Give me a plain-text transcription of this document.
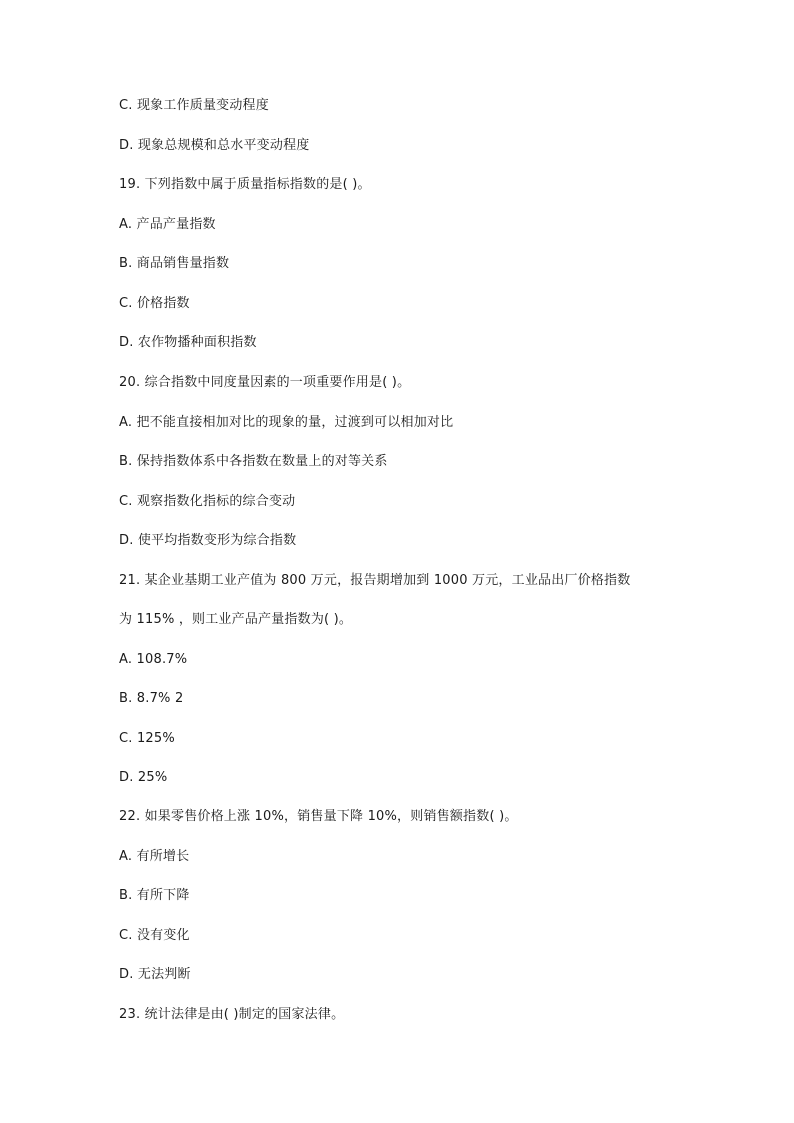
C. 现象工作质量变动程度
D. 现象总规模和总水平变动程度
19. 下列指数中属于质量指标指数的是( )。
A. 产品产量指数
B. 商品销售量指数
C. 价格指数
D. 农作物播种面积指数
20. 综合指数中同度量因素的一项重要作用是( )。
A. 把不能直接相加对比的现象的量，过渡到可以相加对比
B. 保持指数体系中各指数在数量上的对等关系
C. 观察指数化指标的综合变动
D. 使平均指数变形为综合指数
21. 某企业基期工业产值为 800 万元，报告期增加到 1000 万元，工业品出厂价格指数
为 115% ，则工业产品产量指数为( )。
A. 108.7%
B. 8.7% 2
C. 125%
D. 25%
22. 如果零售价格上涨 10%，销售量下降 10%，则销售额指数( )。
A. 有所增长
B. 有所下降
C. 没有变化
D. 无法判断
23. 统计法律是由( )制定的国家法律。
